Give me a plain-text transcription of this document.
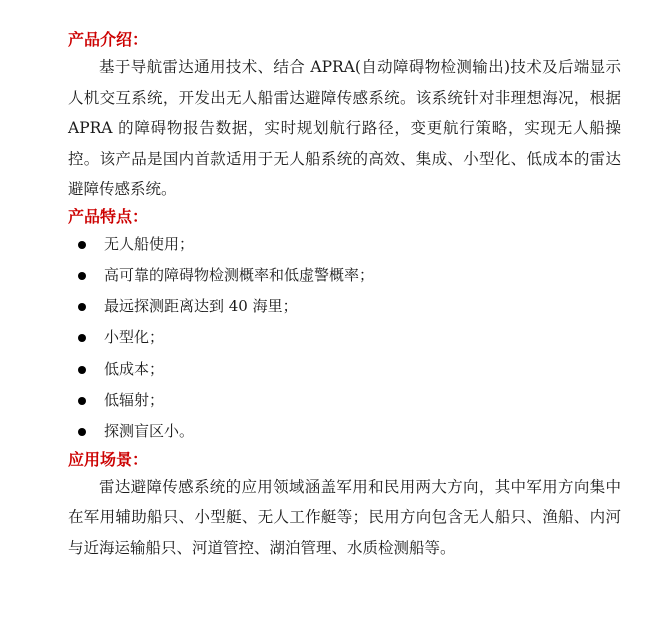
产品介绍：

基于导航雷达通用技术、结合 APRA(自动障碍物检测输出)技术及后端显示人机交互系统，开发出无人船雷达避障传感系统。该系统针对非理想海况，根据 APRA 的障碍物报告数据，实时规划航行路径，变更航行策略，实现无人船操控。该产品是国内首款适用于无人船系统的高效、集成、小型化、低成本的雷达避障传感系统。

产品特点：
无人船使用；
高可靠的障碍物检测概率和低虚警概率；
最远探测距离达到 40 海里；
小型化；
低成本；
低辐射；
探测盲区小。
应用场景：

雷达避障传感系统的应用领域涵盖军用和民用两大方向，其中军用方向集中在军用辅助船只、小型艇、无人工作艇等；民用方向包含无人船只、渔船、内河与近海运输船只、河道管控、湖泊管理、水质检测船等。
